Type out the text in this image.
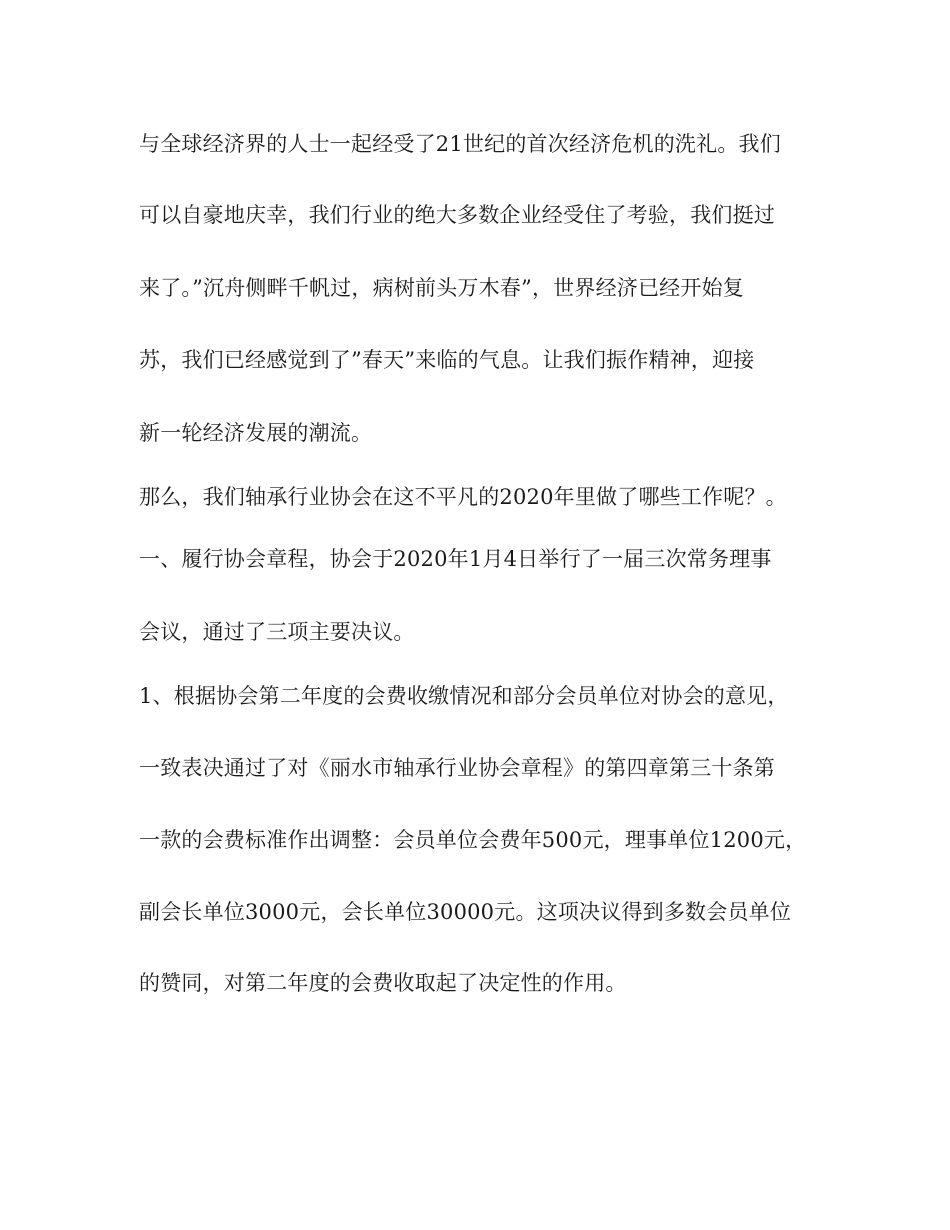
与全球经济界的人士一起经受了21世纪的首次经济危机的洗礼。我们
可以自豪地庆幸，我们行业的绝大多数企业经受住了考验，我们挺过
来了。”沉舟侧畔千帆过，病树前头万木春”，世界经济已经开始复
苏，我们已经感觉到了”春天”来临的气息。让我们振作精神，迎接
新一轮经济发展的潮流。
那么，我们轴承行业协会在这不平凡的2020年里做了哪些工作呢？。
一、履行协会章程，协会于2020年1月4日举行了一届三次常务理事
会议，通过了三项主要决议。
1、根据协会第二年度的会费收缴情况和部分会员单位对协会的意见，
一致表决通过了对《丽水市轴承行业协会章程》的第四章第三十条第
一款的会费标准作出调整：会员单位会费年500元，理事单位1200元，
副会长单位3000元，会长单位30000元。这项决议得到多数会员单位
的赞同，对第二年度的会费收取起了决定性的作用。
